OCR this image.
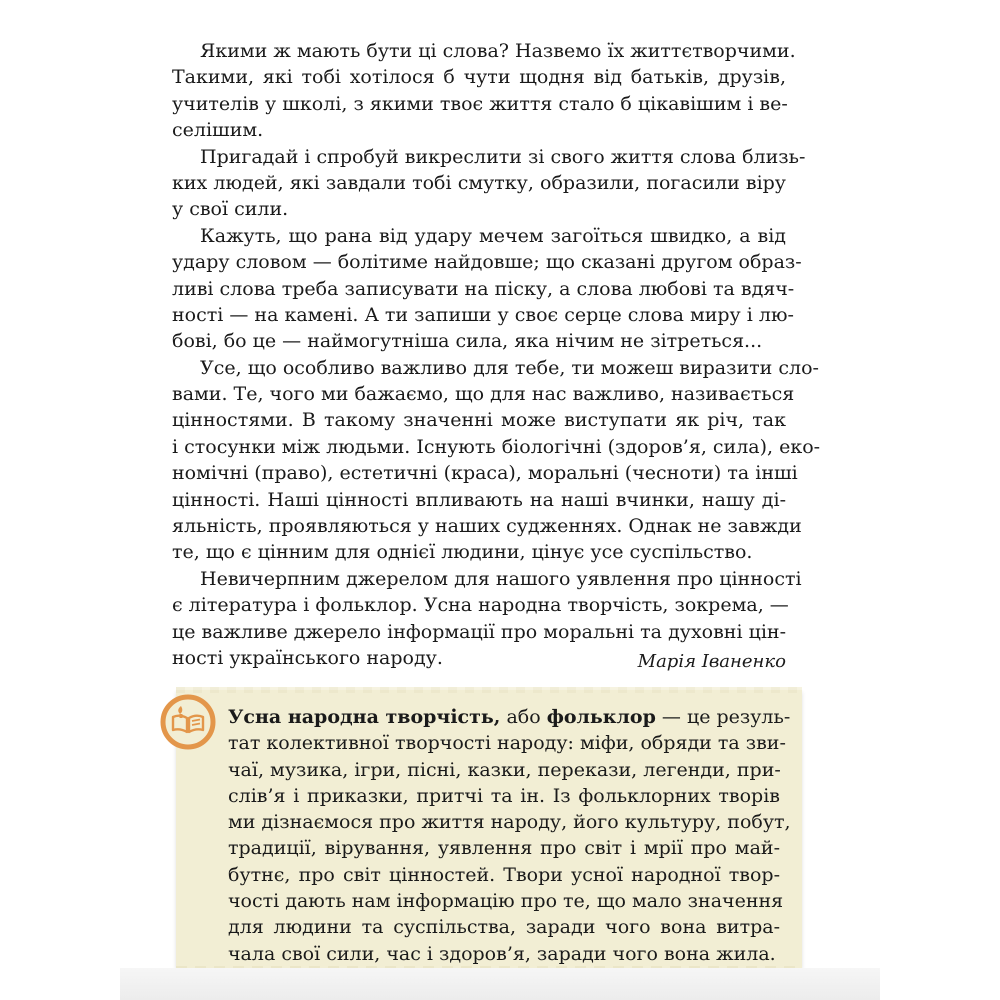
Якими ж мають бути ці слова? Назвемо їх життєтворчими.
Такими, які тобі хотілося б чути щодня від батьків, друзів,
учителів у школі, з якими твоє життя стало б цікавішим і ве-
селішим.
Пригадай і спробуй викреслити зі свого життя слова близь-
ких людей, які завдали тобі смутку, образили, погасили віру
у свої сили.
Кажуть, що рана від удару мечем загоїться швидко, а від
удару словом — болітиме найдовше; що сказані другом образ-
ливі слова треба записувати на піску, а слова любові та вдяч-
ності — на камені. А ти запиши у своє серце слова миру і лю-
бові, бо це — наймогутніша сила, яка нічим не зітреться...
Усе, що особливо важливо для тебе, ти можеш виразити сло-
вами. Те, чого ми бажаємо, що для нас важливо, називається
цінностями. В такому значенні може виступати як річ, так
і стосунки між людьми. Існують біологічні (здоров’я, сила), еко-
номічні (право), естетичні (краса), моральні (чесноти) та інші
цінності. Наші цінності впливають на наші вчинки, нашу ді-
яльність, проявляються у наших судженнях. Однак не завжди
те, що є цінним для однієї людини, цінує усе суспільство.
Невичерпним джерелом для нашого уявлення про цінності
є література і фольклор. Усна народна творчість, зокрема, —
це важливе джерело інформації про моральні та духовні цін-
ності українського народу.	Марія Іваненко
Усна народна творчість, або фольклор — це резуль-
тат колективної творчості народу: міфи, обряди та зви-
чаї, музика, ігри, пісні, казки, перекази, легенди, при-
слів’я і приказки, притчі та ін. Із фольклорних творів
ми дізнаємося про життя народу, його культуру, побут,
традиції, вірування, уявлення про світ і мрії про май-
бутнє, про світ цінностей. Твори усної народної твор-
чості дають нам інформацію про те, що мало значення
для людини та суспільства, заради чого вона витра-
чала свої сили, час і здоров’я, заради чого вона жила.
